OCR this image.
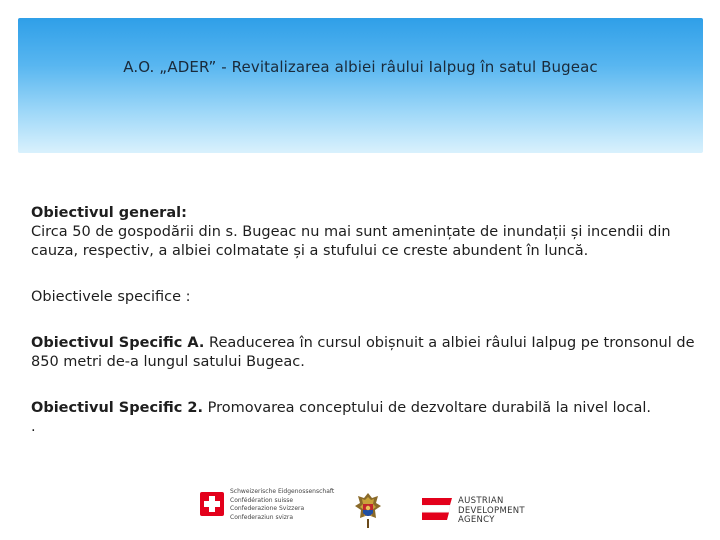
A.O. „ADER” - Revitalizarea albiei râului Ialpug în satul Bugeac

Obiectivul general:

Circa 50 de gospodării din s. Bugeac nu mai sunt amenințate de inundații și incendii din cauza, respectiv, a albiei colmatate și a stufului ce creste abundent în luncă.

Obiectivele specifice :

Obiectivul Specific A. Readucerea în cursul obișnuit a albiei râului Ialpug pe tronsonul de 850 metri de-a lungul satului Bugeac.

Obiectivul Specific 2. Promovarea conceptului de dezvoltare durabilă la nivel local.

.

Schweizerische Eidgenossenschaft
Confédération suisse
Confederazione Svizzera
Confederaziun svizra
AUSTRIAN
DEVELOPMENT
AGENCY
